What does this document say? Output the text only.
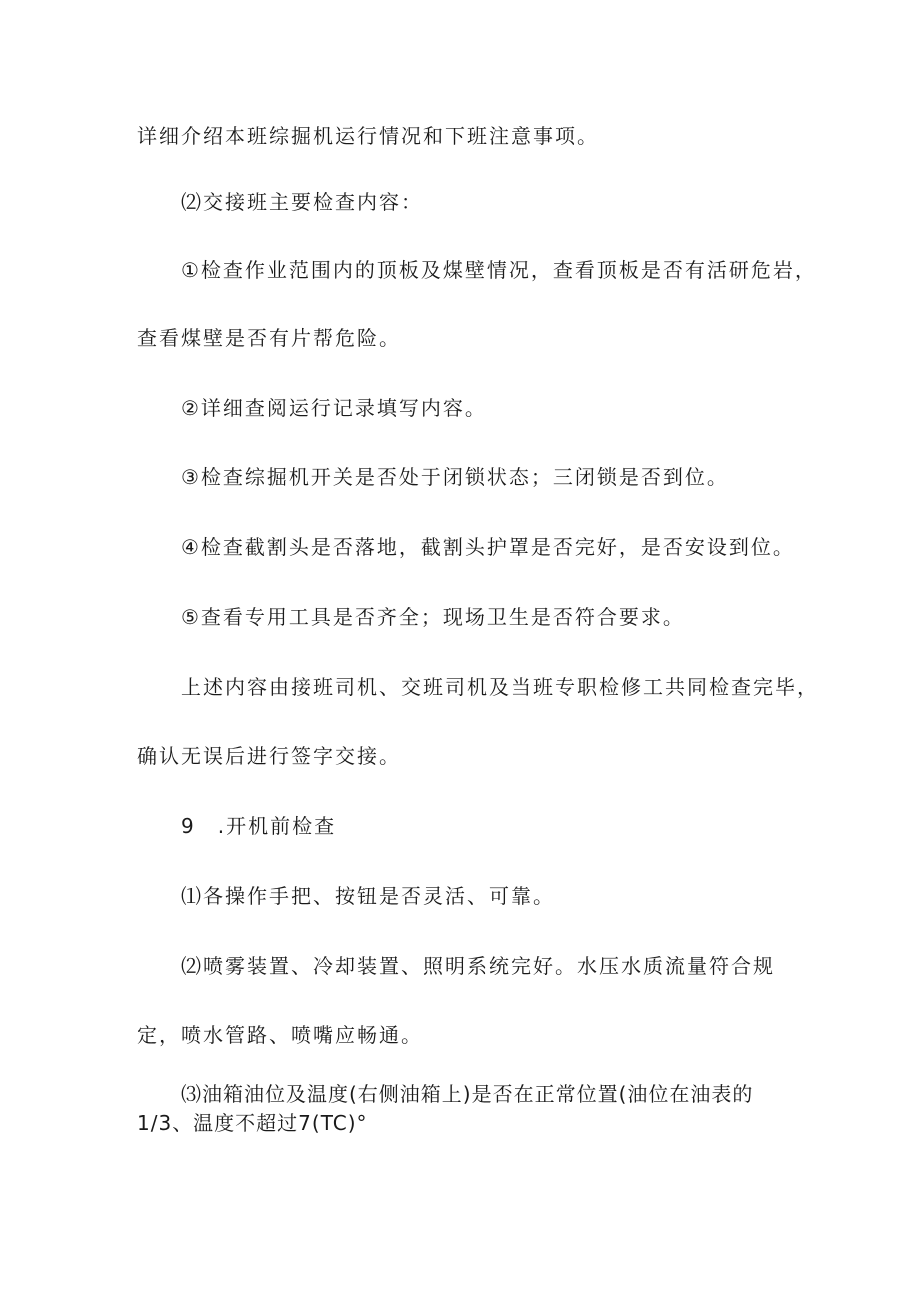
详细介绍本班综掘机运行情况和下班注意事项。
⑵交接班主要检查内容：
①检查作业范围内的顶板及煤壁情况，查看顶板是否有活研危岩，
查看煤壁是否有片帮危险。
②详细查阅运行记录填写内容。
③检查综掘机开关是否处于闭锁状态；三闭锁是否到位。
④检查截割头是否落地，截割头护罩是否完好，是否安设到位。
⑤查看专用工具是否齐全；现场卫生是否符合要求。
上述内容由接班司机、交班司机及当班专职检修工共同检查完毕，
确认无误后进行签字交接。
9　.开机前检查
⑴各操作手把、按钮是否灵活、可靠。
⑵喷雾装置、冷却装置、照明系统完好。水压水质流量符合规
定，喷水管路、喷嘴应畅通。
⑶油箱油位及温度(右侧油箱上)是否在正常位置(油位在油表的
1/3、温度不超过7(TC)°
